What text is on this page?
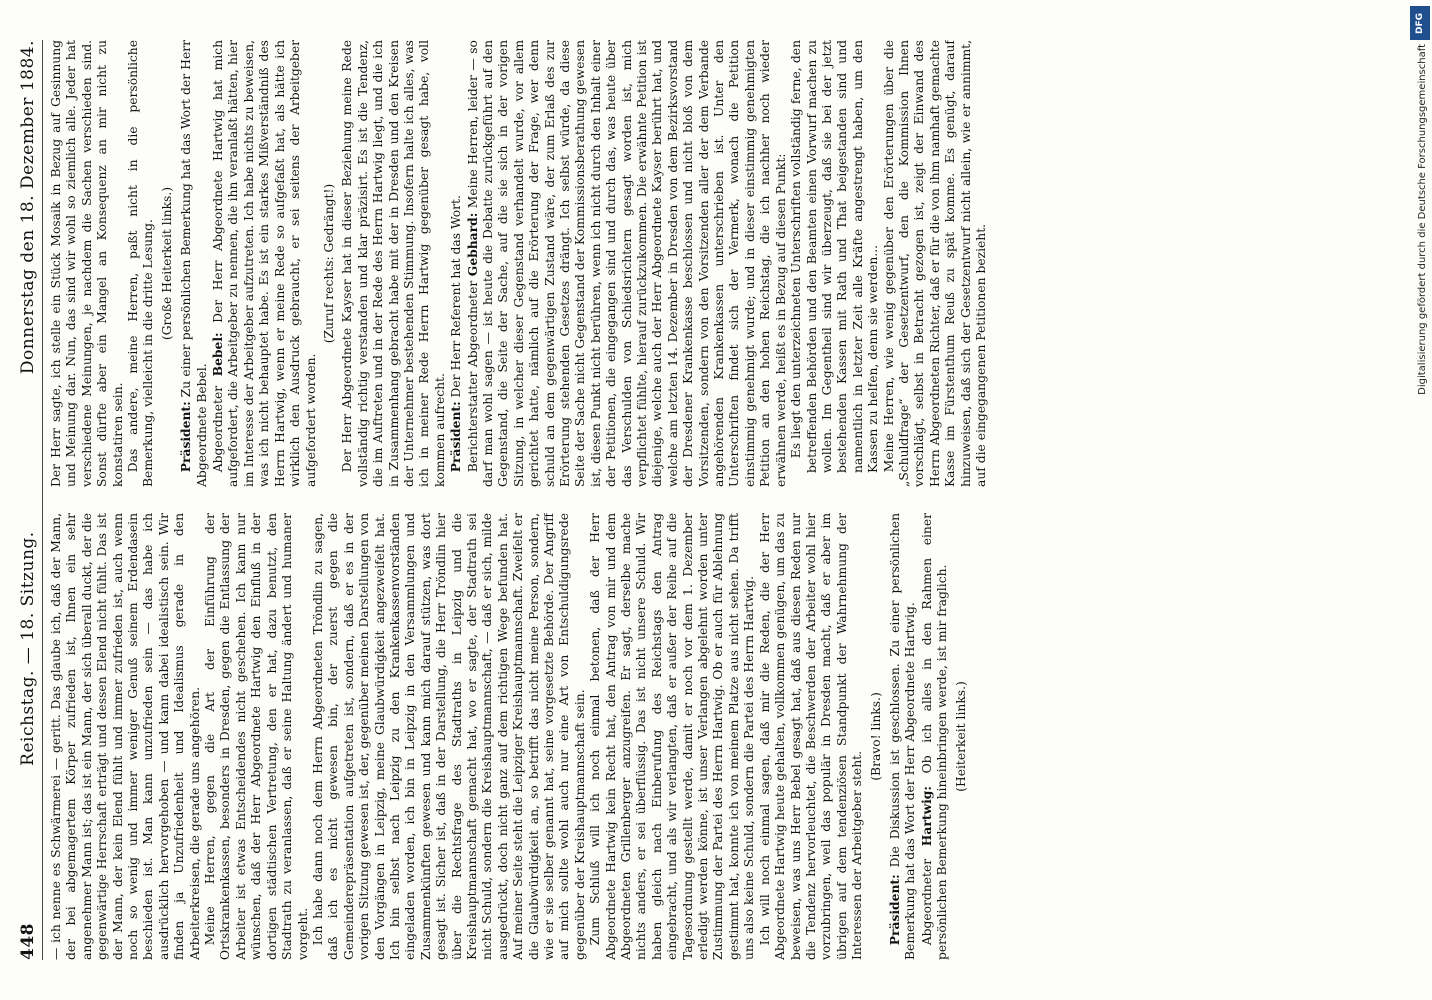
448
Reichstag. — 18. Sitzung.
Donnerstag den 18. Dezember 1884.

— ich nenne es Schwärmerei — geritt. Das glaube ich, daß der Mann, der bei abgemagertem Körper zufrieden ist, Ihnen ein sehr angenehmer Mann ist; das ist ein Mann, der sich überall duckt, der die gegenwärtige Herrschaft erträgt und dessen Elend nicht fühlt. Das ist der Mann, der kein Elend fühlt und immer zufrieden ist, auch wenn noch so wenig und immer weniger Genuß seinem Erdendasein beschieden ist. Man kann unzufrieden sein — das habe ich ausdrücklich hervorgehoben — und kann dabei idealistisch sein. Wir finden ja Unzufriedenheit und Idealismus gerade in den Arbeiterkreisen, die gerade uns angehören. Meine Herren, gegen die Art der Einführung der Ortskrankenkassen, besonders in Dresden, gegen die Entlassung der Arbeiter ist etwas Entscheidendes nicht geschehen. Ich kann nur wünschen, daß der Herr Abgeordnete Hartwig den Einfluß in der dortigen städtischen Vertretung, den er hat, dazu benutzt, den Stadtrath zu veranlassen, daß er seine Haltung ändert und humaner vorgeht. Ich habe dann noch dem Herrn Abgeordneten Tröndlin zu sagen, daß ich es nicht gewesen bin, der zuerst gegen die Gemeinderepräsentation aufgetreten ist, sondern, daß er es in der vorigen Sitzung gewesen ist, der, gegenüber meinen Darstellungen von den Vorgängen in Leipzig, meine Glaubwürdigkeit angezweifelt hat. Ich bin selbst nach Leipzig zu den Krankenkassenvorständen eingeladen worden, ich bin in Leipzig in den Versammlungen und Zusammenkünften gewesen und kann mich darauf stützen, was dort gesagt ist. Sicher ist, daß in der Darstellung, die Herr Tröndlin hier über die Rechtsfrage des Stadtraths in Leipzig und die Kreishauptmannschaft gemacht hat, wo er sagte, der Stadtrath sei nicht Schuld, sondern die Kreishauptmannschaft, — daß er sich, milde ausgedrückt, doch nicht ganz auf dem richtigen Wege befunden hat. Auf meiner Seite steht die Leipziger Kreishauptmannschaft. Zweifelt er die Glaubwürdigkeit an, so betrifft das nicht meine Person, sondern, wie er sie selber genannt hat, seine vorgesetzte Behörde. Der Angriff auf mich sollte wohl auch nur eine Art von Entschuldigungsrede gegenüber der Kreishauptmannschaft sein. Zum Schluß will ich noch einmal betonen, daß der Herr Abgeordnete Hartwig kein Recht hat, den Antrag von mir und dem Abgeordneten Grillenberger anzugreifen. Er sagt, derselbe mache nichts anders, er sei überflüssig. Das ist nicht unsere Schuld. Wir haben gleich nach Einberufung des Reichstags den Antrag eingebracht, und als wir verlangten, daß er außer der Reihe auf die Tagesordnung gestellt werde, damit er noch vor dem 1. Dezember erledigt werden könne, ist unser Verlangen abgelehnt worden unter Zustimmung der Partei des Herrn Hartwig. Ob er auch für Ablehnung gestimmt hat, konnte ich von meinem Platze aus nicht sehen. Da trifft uns also keine Schuld, sondern die Partei des Herrn Hartwig. Ich will noch einmal sagen, daß mir die Reden, die der Herr Abgeordnete Hartwig heute gehalten, vollkommen genügen, um das zu beweisen, was uns Herr Bebel gesagt hat, daß aus diesen Reden nur die Tendenz hervorleuchtet, die Beschwerden der Arbeiter wohl hier vorzubringen, weil das populär in Dresden macht, daß er aber im übrigen auf dem tendenziösen Standpunkt der Wahrnehmung der Interessen der Arbeitgeber steht.

(Bravo! links.)

Präsident: Die Diskussion ist geschlossen. Zu einer persönlichen Bemerkung hat das Wort der Herr Abgeordnete Hartwig. Abgeordneter Hartwig: Ob ich alles in den Rahmen einer persönlichen Bemerkung hineinbringen werde, ist mir fraglich. (Heiterkeit links.)

Der Herr sagte, ich stelle ein Stück Mosaik in Bezug auf Gesinnung und Meinung dar. Nun, das sind wir wohl so ziemlich alle. Jeder hat verschiedene Meinungen, je nachdem die Sachen verschieden sind. Sonst dürfte aber ein Mangel an Konsequenz an mir nicht zu konstatiren sein. Das andere, meine Herren, paßt nicht in die persönliche Bemerkung, vielleicht in die dritte Lesung. (Große Heiterkeit links.)

Präsident: Zu einer persönlichen Bemerkung hat das Wort der Herr Abgeordnete Bebel. Abgeordneter Bebel: Der Herr Abgeordnete Hartwig hat mich aufgefordert, die Arbeitgeber zu nennen, die ihn veranlaßt hätten, hier im Interesse der Arbeitgeber aufzutreten. Ich habe nichts zu beweisen, was ich nicht behauptet habe. Es ist ein starkes Mißverständniß des Herrn Hartwig, wenn er meine Rede so aufgefaßt hat, als hätte ich wirklich den Ausdruck gebraucht, er sei seitens der Arbeitgeber aufgefordert worden.

(Zuruf rechts: Gedrängt!) Der Herr Abgeordnete Kayser hat in dieser Beziehung meine Rede vollständig richtig verstanden und klar präzisirt. Es ist die Tendenz, die im Auftreten und in der Rede des Herrn Hartwig liegt, und die ich in Zusammenhang gebracht habe mit der in Dresden und den Kreisen der Unternehmer bestehenden Stimmung. Insofern halte ich alles, was ich in meiner Rede Herrn Hartwig gegenüber gesagt habe, voll kommen aufrecht. Präsident: Der Herr Referent hat das Wort. Berichterstatter Abgeordneter Gebhard: Meine Herren, leider — so darf man wohl sagen — ist heute die Debatte zurückgeführt auf den Gegenstand, die Seite der Sache, auf die sie sich in der vorigen Sitzung, in welcher dieser Gegenstand verhandelt wurde, vor allem gerichtet hatte, nämlich auf die Erörterung der Frage, wer denn schuld an dem gegenwärtigen Zustand wäre, der zum Erlaß des zur Erörterung stehenden Gesetzes drängt. Ich selbst würde, da diese Seite der Sache nicht Gegenstand der Kommissionsberathung gewesen ist, diesen Punkt nicht berühren, wenn ich nicht durch den Inhalt einer der Petitionen, die eingegangen sind und durch das, was heute über das Verschulden von Schiedsrichtern gesagt worden ist, mich verpflichtet fühlte, hierauf zurückzukommen. Die erwähnte Petition ist diejenige, welche auch der Herr Abgeordnete Kayser berührt hat, und welche am letzten 14. Dezember in Dresden von dem Bezirksvorstand der Dresdener Krankenkasse beschlossen und nicht bloß von dem Vorsitzenden, sondern von den Vorsitzenden aller der dem Verbande angehörenden Krankenkassen unterschrieben ist. Unter den Unterschriften findet sich der Vermerk, wonach die Petition einstimmig genehmigt wurde; und in dieser einstimmig genehmigten Petition an den hohen Reichstag, die ich nachher noch wieder erwähnen werde, heißt es in Bezug auf diesen Punkt: Es liegt den unterzeichneten Unterschriften vollständig ferne, den betreffenden Behörden und den Beamten einen Vorwurf machen zu wollen. Im Gegentheil sind wir überzeugt, daß sie bei der jetzt bestehenden Kassen mit Rath und That beigestanden sind und namentlich in letzter Zeit alle Kräfte angestrengt haben, um den Kassen zu helfen, denn sie werden... Meine Herren, wie wenig gegenüber den Erörterungen über die „Schuldfrage“ der Gesetzentwurf, den die Kommission Ihnen vorschlägt, selbst in Betracht gezogen ist, zeigt der Einwand des Herrn Abgeordneten Richter, daß er für die von ihm namhaft gemachte Kasse im Fürstenthum Reuß zu spät komme. Es genügt, darauf hinzuweisen, daß sich der Gesetzentwurf nicht allein, wie er annimmt, auf die eingegangenen Petitionen bezieht.

DFG
Digitalisierung gefördert durch die Deutsche Forschungsgemeinschaft
